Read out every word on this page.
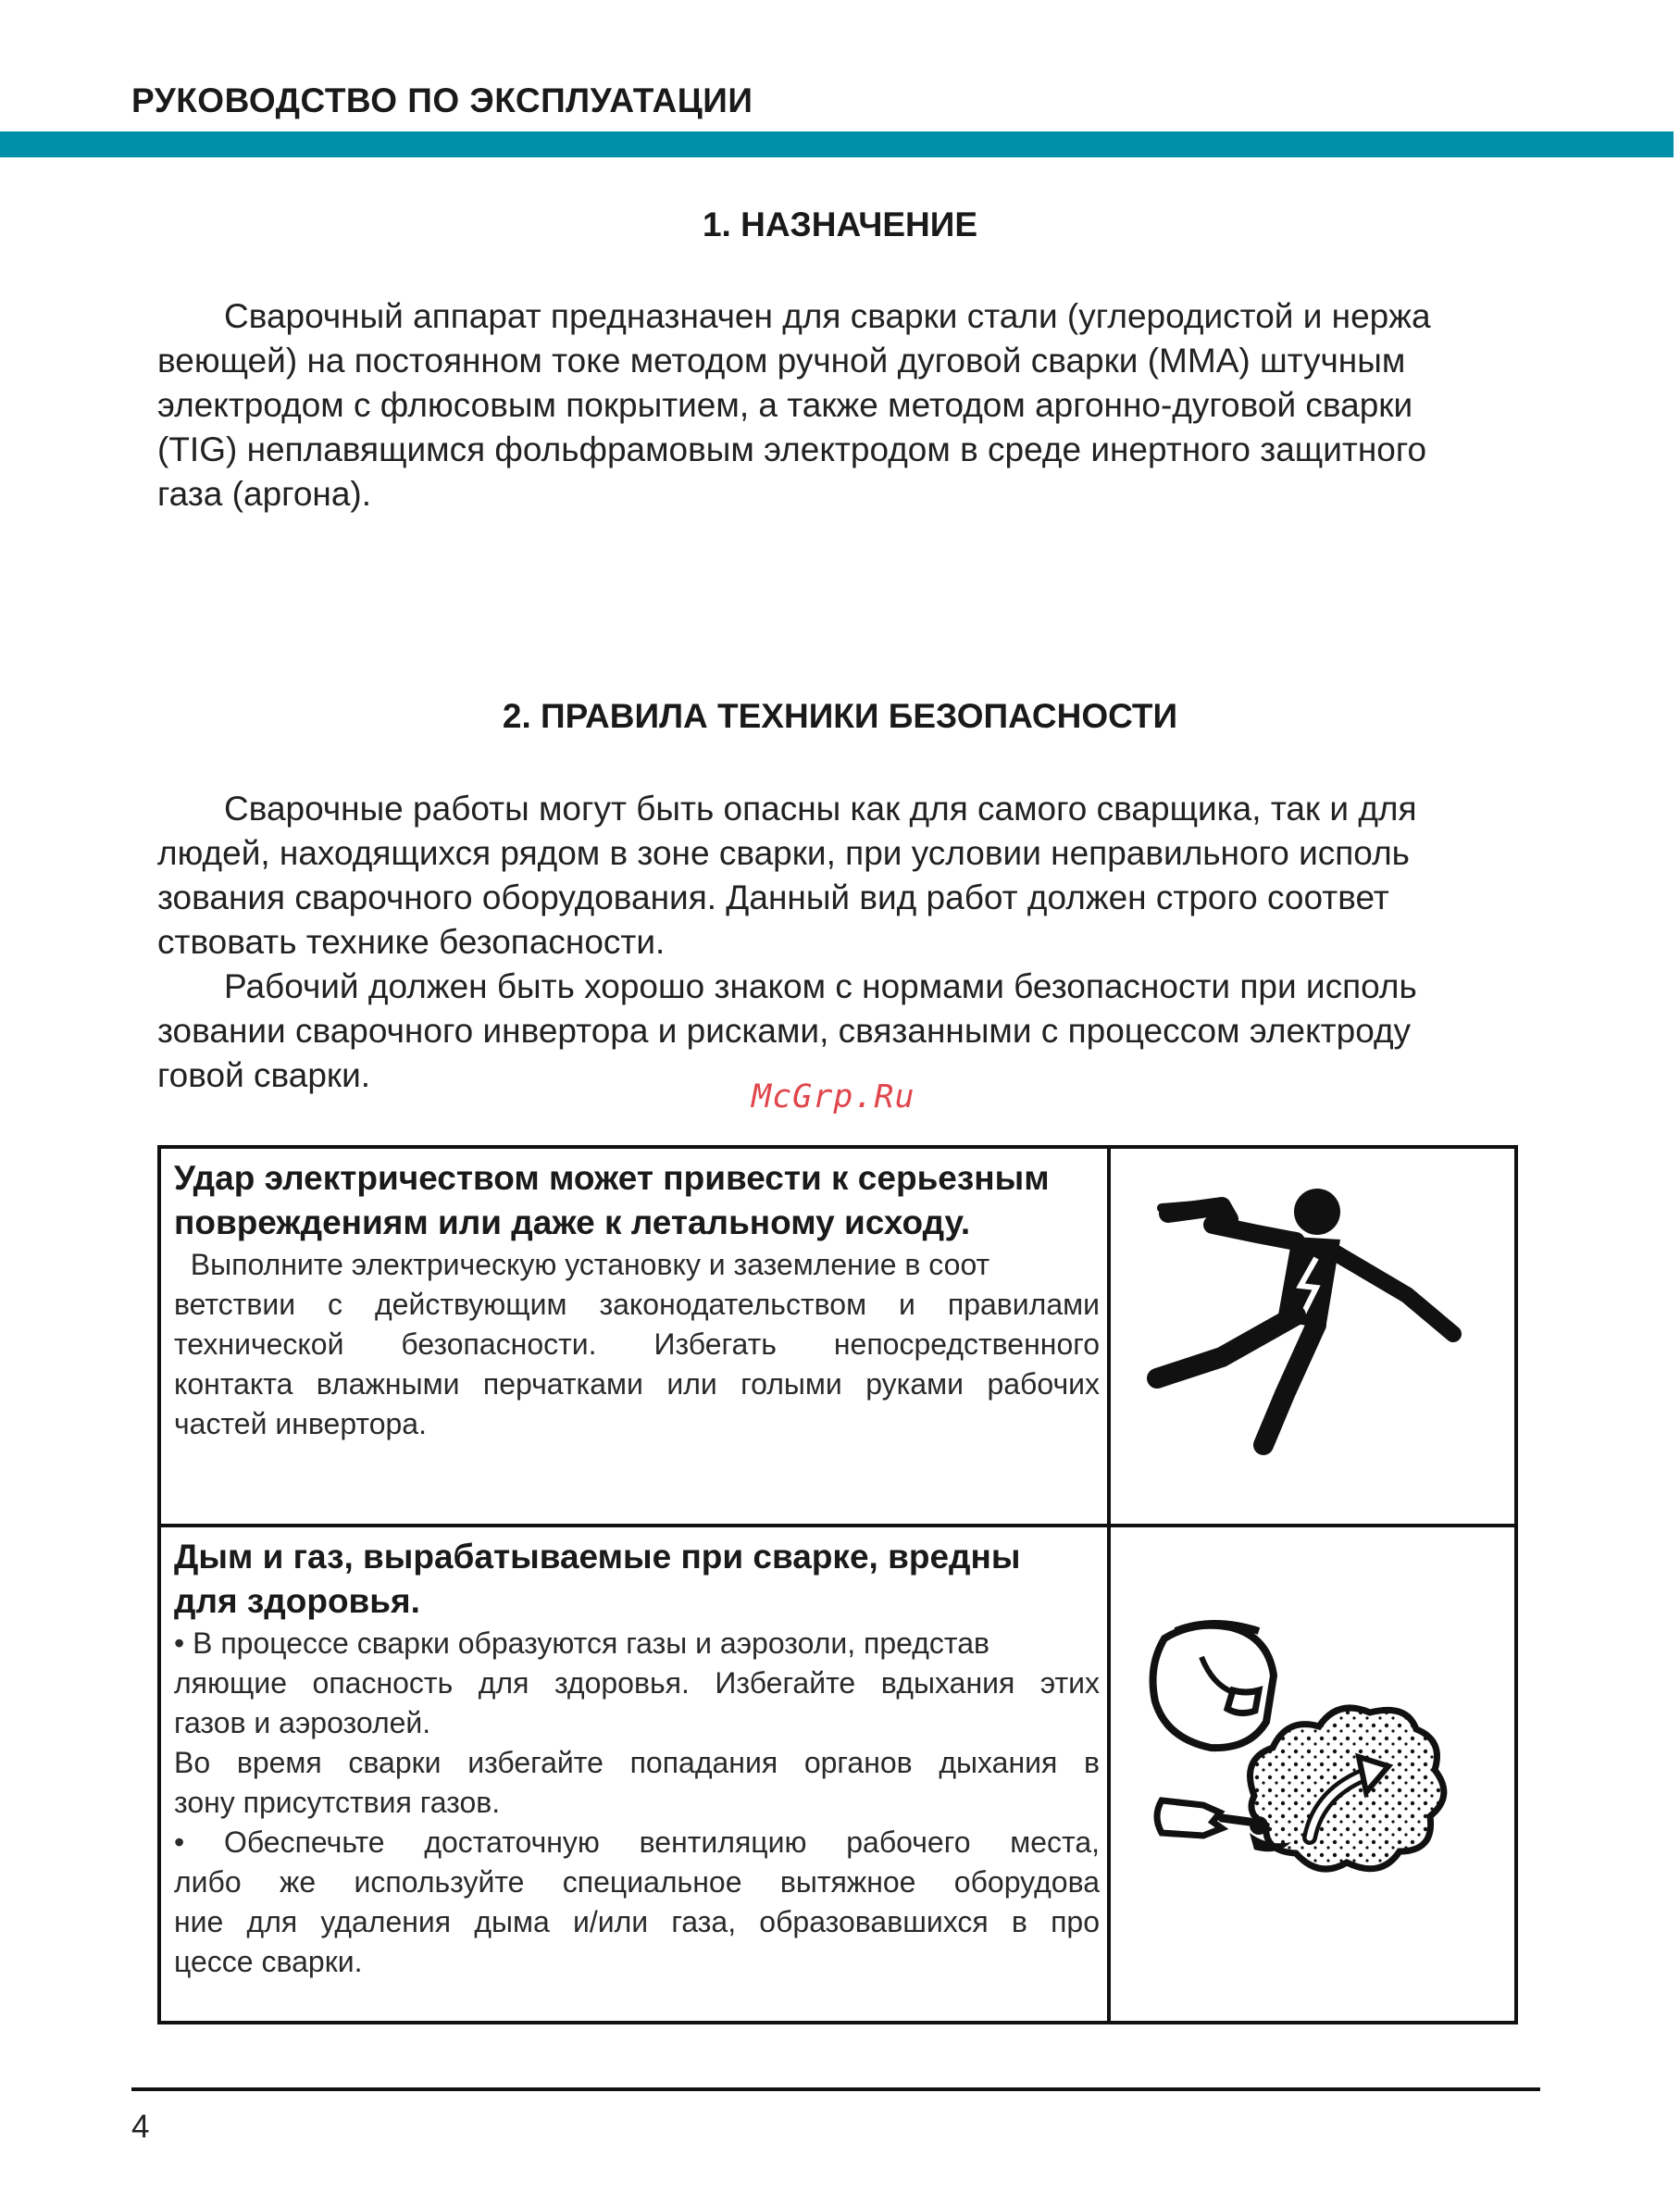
РУКОВОДСТВО ПО ЭКСПЛУАТАЦИИ
1. НАЗНАЧЕНИЕ

Сварочный аппарат предназначен для сварки стали (углеродистой и нержа
веющей) на постоянном токе методом ручной дуговой сварки (ММА) штучным
электродом с флюсовым покрытием, а также методом аргонно-дуговой сварки
(TIG) неплавящимся фольфрамовым электродом в среде инертного защитного
газа (аргона).

2. ПРАВИЛА ТЕХНИКИ БЕЗОПАСНОСТИ

Сварочные работы могут быть опасны как для самого сварщика, так и для
людей, находящихся рядом в зоне сварки, при условии неправильного исполь
зования сварочного оборудования. Данный вид работ должен строго соответ
ствовать технике безопасности.

Рабочий должен быть хорошо знаком с нормами безопасности при исполь
зовании сварочного инвертора и рисками, связанными с процессом электроду
говой сварки.

McGrp.Ru
Удар электричеством может привести к серьезным
повреждениям или даже к летальному исходу.
Выполните электрическую установку и заземление в соот
ветствии с действующим законодательством и правилами
технической безопасности. Избегать непосредственного
контакта влажными перчатками или голыми руками рабочих
частей инвертора.
Дым и газ, вырабатываемые при сварке, вредны
для здоровья.
• В процессе сварки образуются газы и аэрозоли, представ
ляющие опасность для здоровья. Избегайте вдыхания этих
газов и аэрозолей.
Во время сварки избегайте попадания органов дыхания в
зону присутствия газов.
• Обеспечьте достаточную вентиляцию рабочего места,
либо же используйте специальное вытяжное оборудова
ние для удаления дыма и/или газа, образовавшихся в про
цессе сварки.
4
